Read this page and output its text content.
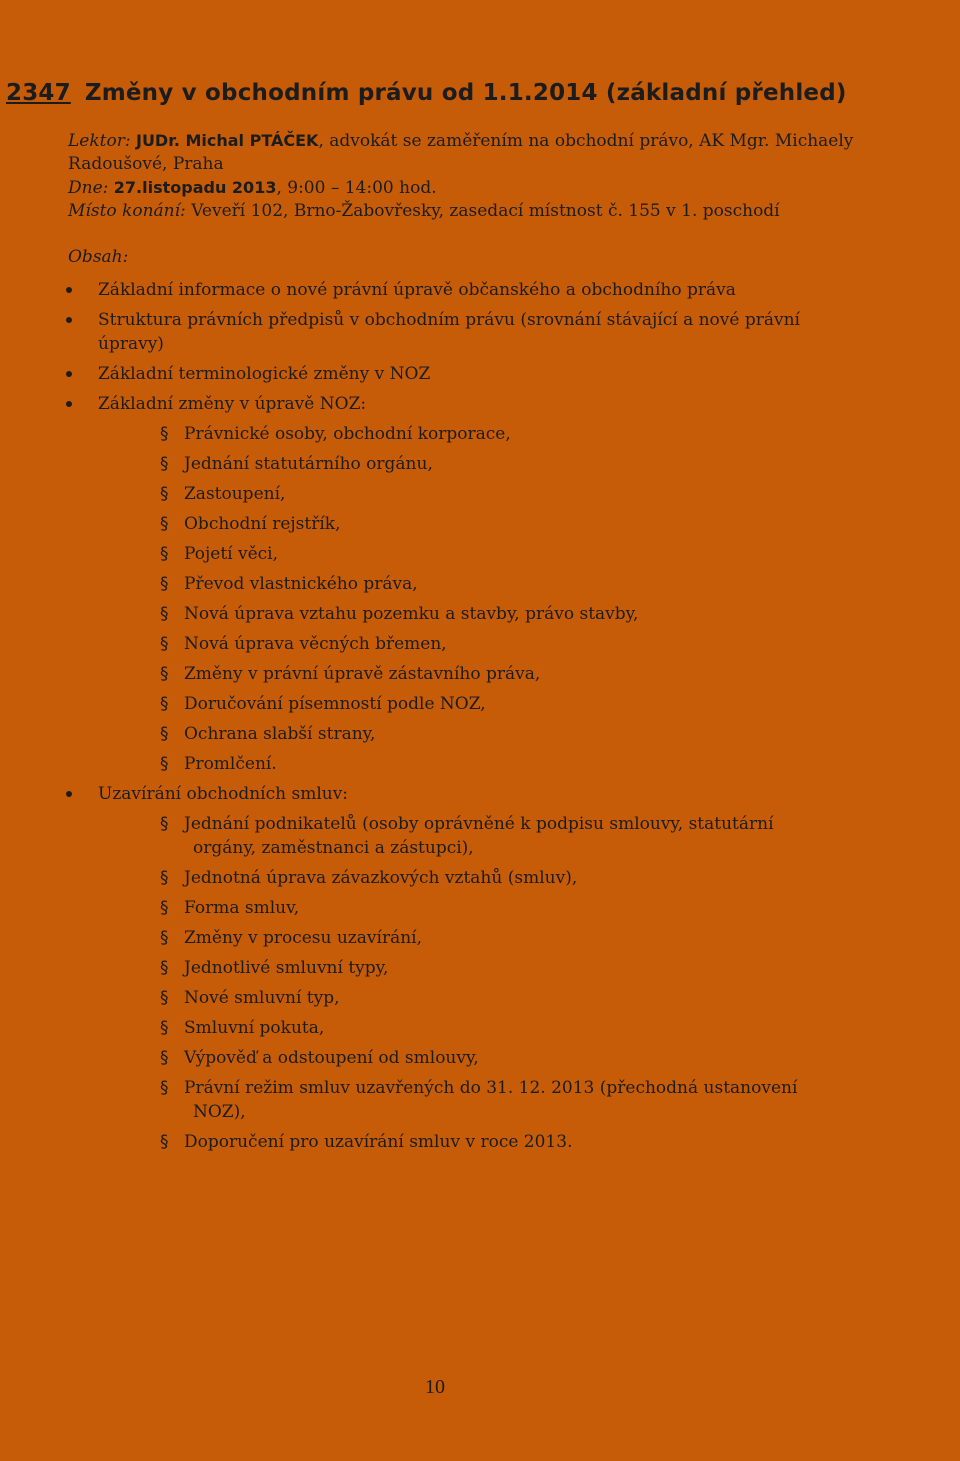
2347 Změny v obchodním právu od 1.1.2014 (základní přehled)
Lektor: JUDr. Michal PTÁČEK, advokát se zaměřením na obchodní právo, AK Mgr. Michaely Radoušové, Praha
Dne: 27.listopadu 2013, 9:00 – 14:00 hod.
Místo konání: Veveří 102, Brno-Žabovřesky, zasedací místnost č. 155 v 1. poschodí
Obsah:
Základní informace o nové právní úpravě občanského a obchodního práva
Struktura právních předpisů v obchodním právu (srovnání stávající a nové právní úpravy)
Základní terminologické změny v NOZ
Základní změny v úpravě NOZ:
§ Právnické osoby, obchodní korporace,
§ Jednání statutárního orgánu,
§ Zastoupení,
§ Obchodní rejstřík,
§ Pojetí věci,
§ Převod vlastnického práva,
§ Nová úprava vztahu pozemku a stavby, právo stavby,
§ Nová úprava věcných břemen,
§ Změny v právní úpravě zástavního práva,
§ Doručování písemností podle NOZ,
§ Ochrana slabší strany,
§ Promlčení.
Uzavírání obchodních smluv:
§ Jednání podnikatelů (osoby oprávněné k podpisu smlouvy, statutární
orgány, zaměstnanci a zástupci),
§ Jednotná úprava závazkových vztahů (smluv),
§ Forma smluv,
§ Změny v procesu uzavírání,
§ Jednotlivé smluvní typy,
§ Nové smluvní typ,
§ Smluvní pokuta,
§ Výpověď a odstoupení od smlouvy,
§ Právní režim smluv uzavřených do 31. 12. 2013 (přechodná ustanovení
NOZ),
§ Doporučení pro uzavírání smluv v roce 2013.
10
